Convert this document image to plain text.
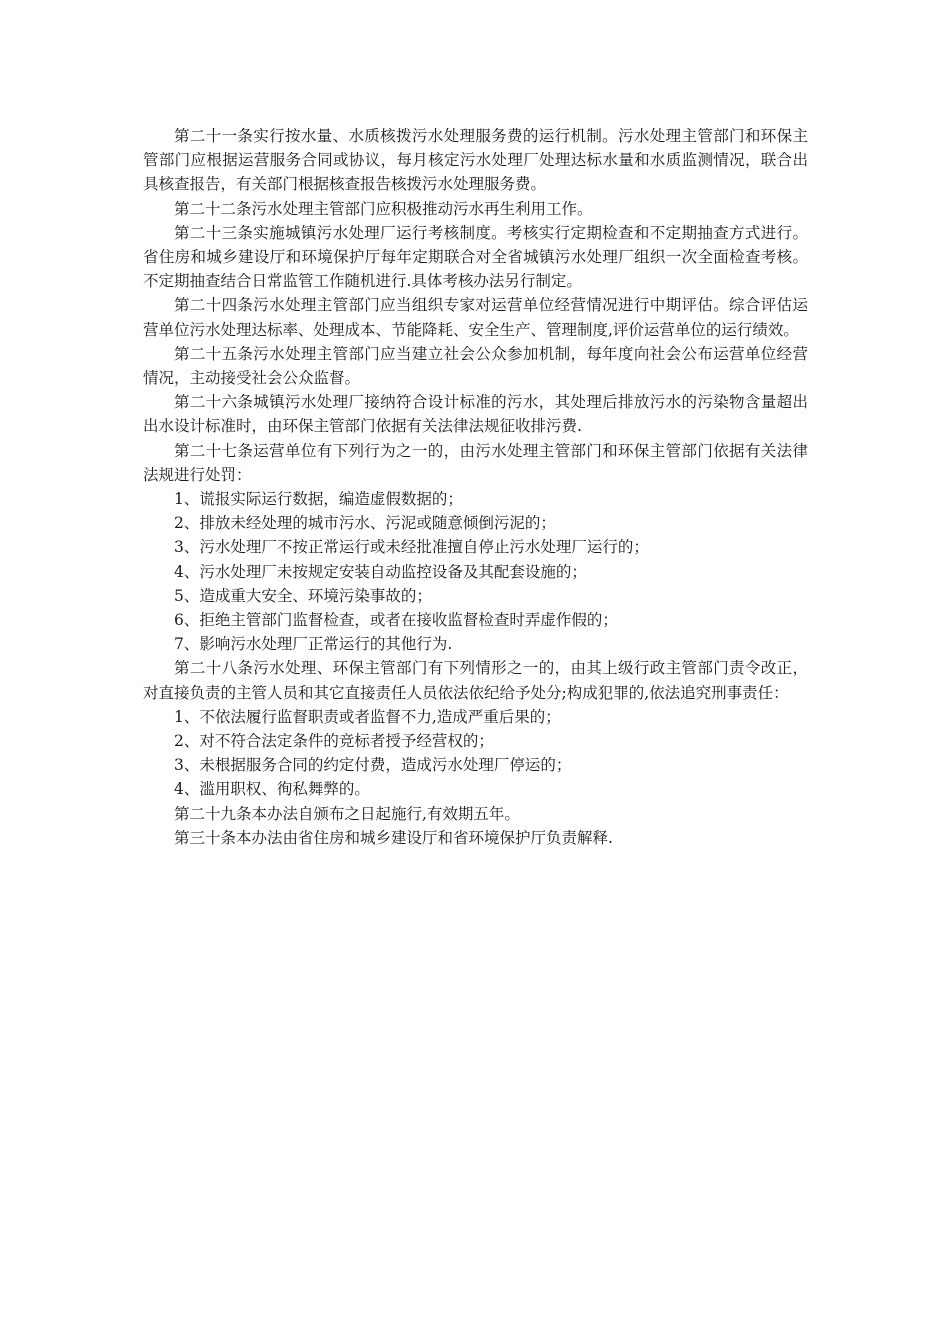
第二十一条实行按水量、水质核拨污水处理服务费的运行机制。污水处理主管部门和环保主管部门应根据运营服务合同或协议，每月核定污水处理厂处理达标水量和水质监测情况，联合出具核查报告，有关部门根据核查报告核拨污水处理服务费。

第二十二条污水处理主管部门应积极推动污水再生利用工作。

第二十三条实施城镇污水处理厂运行考核制度。考核实行定期检查和不定期抽查方式进行。省住房和城乡建设厅和环境保护厅每年定期联合对全省城镇污水处理厂组织一次全面检查考核。不定期抽查结合日常监管工作随机进行.具体考核办法另行制定。

第二十四条污水处理主管部门应当组织专家对运营单位经营情况进行中期评估。综合评估运营单位污水处理达标率、处理成本、节能降耗、安全生产、管理制度,评价运营单位的运行绩效。

第二十五条污水处理主管部门应当建立社会公众参加机制，每年度向社会公布运营单位经营情况，主动接受社会公众监督。

第二十六条城镇污水处理厂接纳符合设计标准的污水，其处理后排放污水的污染物含量超出出水设计标准时，由环保主管部门依据有关法律法规征收排污费.

第二十七条运营单位有下列行为之一的，由污水处理主管部门和环保主管部门依据有关法律法规进行处罚：

1、谎报实际运行数据，编造虚假数据的；

2、排放未经处理的城市污水、污泥或随意倾倒污泥的；

3、污水处理厂不按正常运行或未经批准擅自停止污水处理厂运行的；

4、污水处理厂未按规定安装自动监控设备及其配套设施的；

5、造成重大安全、环境污染事故的；

6、拒绝主管部门监督检查，或者在接收监督检查时弄虚作假的；

7、影响污水处理厂正常运行的其他行为.

第二十八条污水处理、环保主管部门有下列情形之一的，由其上级行政主管部门责令改正，对直接负责的主管人员和其它直接责任人员依法依纪给予处分;构成犯罪的,依法追究刑事责任：

1、不依法履行监督职责或者监督不力,造成严重后果的；

2、对不符合法定条件的竞标者授予经营权的；

3、未根据服务合同的约定付费，造成污水处理厂停运的；

4、滥用职权、徇私舞弊的。

第二十九条本办法自颁布之日起施行,有效期五年。

第三十条本办法由省住房和城乡建设厅和省环境保护厅负责解释.
